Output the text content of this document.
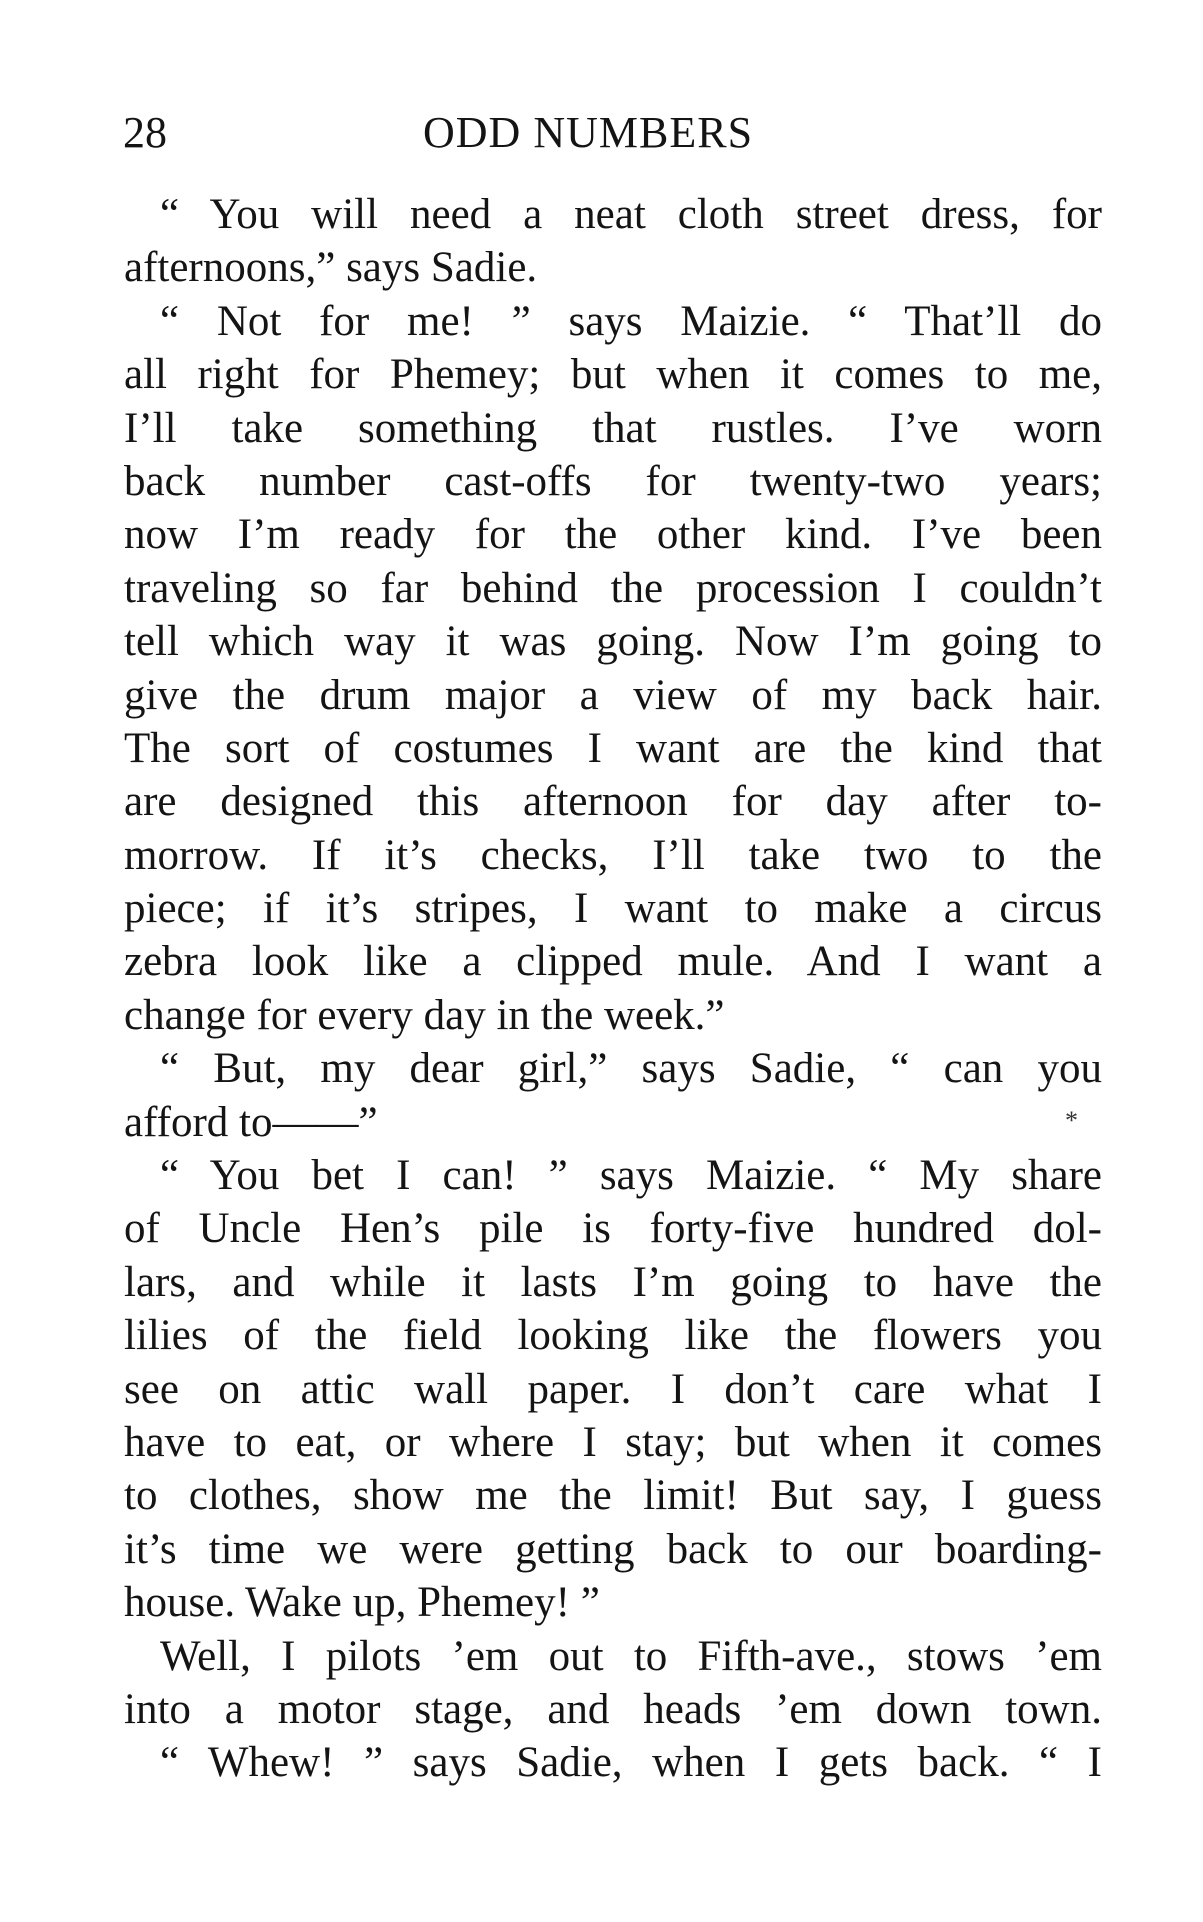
28	ODD NUMBERS
“ You will need a neat cloth street dress, for
afternoons,” says Sadie.
“ Not for me! ” says Maizie. “ That’ll do
all right for Phemey; but when it comes to me,
I’ll take something that rustles. I’ve worn
back number cast-offs for twenty-two years;
now I’m ready for the other kind. I’ve been
traveling so far behind the procession I couldn’t
tell which way it was going. Now I’m going to
give the drum major a view of my back hair.
The sort of costumes I want are the kind that
are designed this afternoon for day after to-
morrow. If it’s checks, I’ll take two to the
piece; if it’s stripes, I want to make a circus
zebra look like a clipped mule. And I want a
change for every day in the week.”
“ But, my dear girl,” says Sadie, “ can you
afford to——”
“ You bet I can! ” says Maizie. “ My share
of Uncle Hen’s pile is forty-five hundred dol-
lars, and while it lasts I’m going to have the
lilies of the field looking like the flowers you
see on attic wall paper. I don’t care what I
have to eat, or where I stay; but when it comes
to clothes, show me the limit! But say, I guess
it’s time we were getting back to our boarding-
house. Wake up, Phemey! ”
Well, I pilots ’em out to Fifth-ave., stows ’em
into a motor stage, and heads ’em down town.
“ Whew! ” says Sadie, when I gets back. “ I
*
